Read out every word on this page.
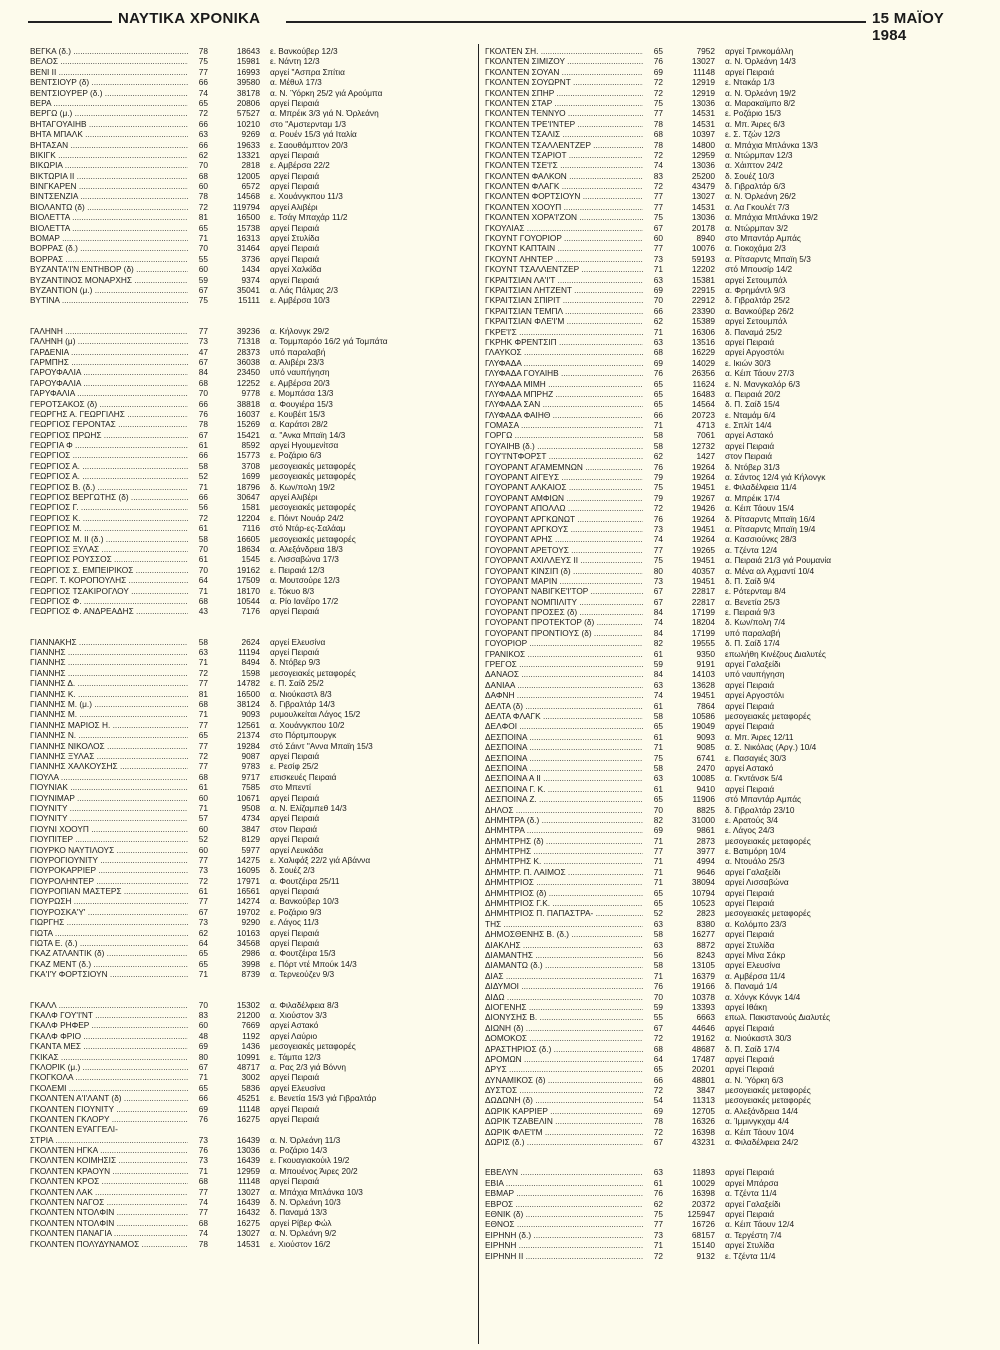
ΝΑΥΤΙΚΑ ΧΡΟΝΙΚΑ	15 ΜΑΪΟΥ 1984
ΒΕΓΚΑ (δ.) .....	78	18643 ε. Βανκούβερ 12/3
ΒΕΛΟΣ .....	75	15981 ε. Νάντη 12/3
ΒΕΝΙ ΙΙ .....	77	16993 αργεί "Ασπρα Σπίτια
ΒΕΝΤΣΙΟΥΡ (δ) .....	66	39580 α. Μέθυλ 17/3
ΒΕΝΤΣΙΟΥΡΕΡ (δ.) .....	74	38178 α. Ν. Ύόρκη 25/2 γιά Αρούμπα
ΒΕΡΑ .....	65	20806 αργεί Πειραιά
ΒΕΡΓΩ (μ.) .....	72	57527 α. Μπρέικ 3/3 γιά Ν. Όρλεάνη
ΒΗΤΑΓΟΥΑΙΗΒ .....	66	10210 στο "Αμστερνταμ 1/3
ΒΗΤΑ ΜΠΑΛΚ .....	63	9269 α. Ρουέν 15/3 γιά Ιταλία
ΒΗΤΑΣΑΝ .....	66	19633 ε. Σαουθάμπτον 20/3
ΒΙΚΙΓΚ .....	62	13321 αργεί Πειραιά
ΒΙΚΩΡΙΑ .....	70	2818 ε. Αμβέρσα 22/2
ΒΙΚΤΩΡΙΑ ΙΙ .....	68	12005 αργεί Πειραιά
ΒΙΝΓΚΑΡΕΝ .....	60	6572 αργεί Πειραιά
ΒΙΝΤΣΕΝΖΙΑ .....	78	14568 ε. Χουάνγκπου 11/3
ΒΙΟΛΑΝΤΩ (δ) .....	72	119794 αργεί Αλιβέρι
ΒΙΟΛΕΤΤΑ .....	81	16500 ε. Τσάγ Μπαχάρ 11/2
ΒΙΟΛΕΤΤΑ .....	65	15738 αργεί Πειραιά
ΒΟΜΑΡ .....	71	16313 αργεί Στυλίδα
ΒΟΡΡΑΣ (δ.) .....	70	31464 αργεί Πειραιά
ΒΟΡΡΑΣ .....	55	3736 αργεί Πειραιά
ΒΥΖΑΝΤΑ'Ι'Ν ΕΝΤΗΒΟΡ (δ) .....	60	1434 αργεί Χαλκίδα
ΒΥΖΑΝΤΙΝΟΣ ΜΟΝΑΡΧΗΣ .....	59	9374 αργεί Πειραιά
ΒΥΖΑΝΤΙΟΝ (μ.) .....	67	35041 α. Λάς Πάλμας 2/3
ΒΥΤΙΝΑ .....	75	15111 ε. Αμβέρσα 10/3
ΓΑΛΗΝΗ .....	77	39236 α. Κήλονγκ 29/2
ΓΑΛΗΝΗ (μ) .....	73	71318 α. Τομμπαρόο 16/2 γιά Τομπάτα
ΓΑΡΔΕΝΙΑ .....	47	28373 υπό παραλαβή
ΓΑΡΜΠΗΣ .....	67	36038 α. Αλιβέρι 23/3
ΓΑΡΟΥΦΑΛΙΑ .....	84	23450 υπό ναυπήγηση
ΓΑΡΟΥΦΑΛΙΑ .....	68	12252 ε. Αμβέρσα 20/3
ΓΑΡΥΦΑΛΙΑ .....	70	9778 ε. Μομπάσα 13/3
ΓΕΡΟΤΣΑΚΟΣ (δ) .....	66	38818 α. Φουγιέρα 15/3
ΓΕΩΡΓΗΣ Α. ΓΕΩΡΓΙΛΗΣ .....	76	16037 ε. Κουβέιτ 15/3
ΓΕΩΡΓΙΟΣ ΓΕΡΟΝΤΑΣ .....	78	15269 α. Καράτσι 28/2
ΓΕΩΡΓΙΟΣ ΠΡΩΗΣ .....	67	15421 α. "Ανκα Μπαϊη 14/3
ΓΕΩΡΓΙΑ Φ .....	61	8592 αργεί Ηγουμενίτσα
ΓΕΩΡΓΙΟΣ .....	66	15773 ε. Ροζάριο 6/3
ΓΕΩΡΓΙΟΣ Α. .....	58	3708 μεσογειακές μεταφορές
ΓΕΩΡΓΙΟΣ Α. .....	52	1699 μεσογειακές μεταφορές
ΓΕΩΡΓΙΟΣ Β. (δ.) .....	71	18796 δ. Κων/πολη 19/2
ΓΕΩΡΓΙΟΣ ΒΕΡΓΩΤΗΣ (δ) .....	66	30647 αργεί Αλιβέρι
ΓΕΩΡΓΙΟΣ Γ. .....	56	1581 μεσογειακές μεταφορές
ΓΕΩΡΓΙΟΣ Κ. .....	72	12204 ε. Πόιντ Νουάρ 24/2
ΓΕΩΡΓΙΟΣ Μ. .....	61	7116 στό Ντάρ-ες-Σαλάαμ
ΓΕΩΡΓΙΟΣ Μ. ΙΙ (δ.) .....	58	16605 μεσογειακές μεταφορές
ΓΕΩΡΓΙΟΣ ΞΥΛΑΣ .....	70	18634 α. Αλεξάνδρεια 18/3
ΓΕΩΡΓΙΟΣ ΡΟΥΣΣΟΣ .....	61	1545 ε. Λισσαβώνα 17/3
ΓΕΩΡΓΙΟΣ Σ. ΕΜΠΕΙΡΙΚΟΣ .....	70	19162 ε. Πειραιά 12/3
ΓΕΩΡΓ. Τ. ΚΟΡΟΠΟΥΛΗΣ .....	64	17509 α. Μουτσούρε 12/3
ΓΕΩΡΓΙΟΣ ΤΣΑΚΙΡΟΓΛΟΥ .....	71	18170 ε. Τόκυο 8/3
ΓΕΩΡΓΙΟΣ Φ. .....	68	10544 α. Ρίο Ιανέϊρο 17/2
ΓΕΩΡΓΙΟΣ Φ. ΑΝΔΡΕΑΔΗΣ .....	43	7176 αργεί Πειραιά
ΓΙΑΝΝΑΚΗΣ .....	58	2624 αργεί Ελευσίνα
ΓΙΑΝΝΗΣ .....	63	11194 αργεί Πειραιά
ΓΙΑΝΝΗΣ .....	71	8494 δ. Ντόβερ 9/3
ΓΙΑΝΝΗΣ .....	72	1598 μεσογειακές μεταφορές
ΓΙΑΝΝΗΣ Δ. .....	77	14782 ε. Π. Σαίδ 25/2
ΓΙΑΝΝΗΣ Κ. .....	81	16500 α. Νιούκαστλ 8/3
ΓΙΑΝΝΗΣ Μ. (μ.) .....	68	38124 δ. Γιβραλτάρ 14/3
ΓΙΑΝΝΗΣ Μ. .....	71	9093 ρυμουλκείται Λάγος 15/2
ΓΙΑΝΝΗΣ ΜΑΡΙΟΣ Η. .....	77	12561 α. Χουάνγκπου 10/2
ΓΙΑΝΝΗΣ Ν. .....	65	21374 στο Πόρτμπουργκ
ΓΙΑΝΝΗΣ ΝΙΚΟΛΟΣ .....	77	19284 στό Σάιντ "Αννα Μπαϊη 15/3
ΓΙΑΝΝΗΣ ΞΥΛΑΣ .....	72	9087 αργεί Πειραιά
ΓΙΑΝΝΗΣ ΧΑΛΚΟΥΣΗΣ .....	77	9783 ε. Ρεσίφ 25/2
ΓΙΟΥΛΑ .....	68	9717 επισκευές Πειραιά
ΓΙΟΥΝΙΑΚ .....	61	7585 στο Μπεντί
ΓΙΟΥΝΙΜΑΡ .....	60	10671 αργεί Πειραιά
ΓΙΟΥΝΙΤΥ .....	71	9508 α. Ν. Ελίζαμπεθ 14/3
ΓΙΟΥΝΙΤΥ .....	57	4734 αργεί Πειραιά
ΓΙΟΥΝΙ ΧΟΟΥΠ .....	60	3847 στον Πειραιά
ΓΙΟΥΠΙΤΕΡ .....	52	8129 αργεί Πειραιά
ΓΙΟΥΡΚΟ ΝΑΥΤΙΛΟΥΣ .....	60	5977 αργεί Λευκάδα
ΓΙΟΥΡΟΓΙΟΥΝΙΤΥ .....	77	14275 ε. Χαλιφάξ 22/2 γιά Αβάννα
ΓΙΟΥΡΟΚΑΡΡΙΕΡ .....	73	16095 δ. Σουέζ 2/3
ΓΙΟΥΡΟΛΗΝΤΕΡ .....	72	17971 α. Φουτζέιρα 25/11
ΓΙΟΥΡΟΠΙΑΝ ΜΑΣΤΕΡΣ .....	61	16561 αργεί Πειραιά
ΓΙΟΥΡΩΣΗ .....	77	14274 α. Βανκούβερ 10/3
ΓΙΟΥΡΟΣΚΑ'Υ' .....	67	19702 ε. Ροζάριο 9/3
ΓΙΩΡΓΗΣ .....	73	9290 ε. Λάγος 11/3
ΓΙΩΤΑ .....	62	10163 αργεί Πειραιά
ΓΙΩΤΑ Ε. (δ.) .....	64	34568 αργεί Πειραιά
ΓΚΑΖ ΑΤΛΑΝΤΙΚ (δ) .....	65	2986 α. Φουτζέιρα 15/3
ΓΚΑΖ ΜΕΝΤ (δ.) .....	65	3998 ε. Πόρτ ντέ Μπούκ 14/3
ΓΚΑ'Ι'Υ ΦΟΡΤΣΙΟΥΝ .....	71	8739 α. Τερνεούζεν 9/3
ΓΚΑΛΛ .....	70	15302 α. Φιλαδέλφεια 8/3
ΓΚΑΛΦ ΓΟΥ'Ι'ΝΤ .....	83	21200 α. Χιούστον 3/3
ΓΚΑΛΦ ΡΗΦΕΡ .....	60	7669 αργεί Αστακό
ΓΚΑΛΦ ΦΡΙΟ .....	48	1192 αργεί Λαύριο
ΓΚΑΝΤΑ ΜΕΣ .....	69	1436 μεσογειακές μεταφορές
ΓΚΙΚΑΣ .....	80	10991 ε. Τάμπα 12/3
ΓΚΛΟΡΙΚ (μ.) .....	67	48717 α. Ρας 2/3 γιά Βόννη
ΓΚΟΓΚΟΛΑ .....	71	3002 αργεί Πειραιά
ΓΚΟΛΕΜΙ .....	65	5836 αργεί Ελευσίνα
ΓΚΟΛΝΤΕΝ Α'Ι'ΛΑΝΤ (δ) .....	66	45251 ε. Βενετία 15/3 γιά Γιβραλτάρ
ΓΚΟΛΝΤΕΝ ΓΙΟΥΝΙΤΥ .....	69	11148 αργεί Πειραιά
ΓΚΟΛΝΤΕΝ ΓΚΛΟΡΥ .....	76	16275 αργεί Πειραιά
ΓΚΟΛΝΤΕΝ ΕΥΑΓΓΕΛΙ-
ΣΤΡΙΑ .....	73	16439 α. Ν. Όρλεάνη 11/3
ΓΚΟΛΝΤΕΝ ΗΓΚΑ .....	76	13036 α. Ροζάριο 14/3
ΓΚΟΛΝΤΕΝ ΚΟΙΜΗΣΙΣ .....	73	16439 ε. Γκουαγιακούιλ 19/2
ΓΚΟΛΝΤΕΝ ΚΡΑΟΥΝ .....	71	12959 α. Μπουένος Άιρες 20/2
ΓΚΟΛΝΤΕΝ ΚΡΟΣ .....	68	11148 αργεί Πειραιά
ΓΚΟΛΝΤΕΝ ΛΑΚ .....	77	13027 α. Μπάχια Μπλάνκα 10/3
ΓΚΟΛΝΤΕΝ ΝΑΓΟΣ .....	74	16439 δ. Ν. Όρλεάνη 10/3
ΓΚΟΛΝΤΕΝ ΝΤΟΛΦΙΝ .....	77	16432 δ. Παναμά 13/3
ΓΚΟΛΝΤΕΝ ΝΤΟΛΦΙΝ .....	68	16275 αργεί Ρίβερ Φώλ
ΓΚΟΛΝΤΕΝ ΠΑΝΑΓΙΑ .....	74	13027 α. Ν. Όρλεάνη 9/2
ΓΚΟΛΝΤΕΝ ΠΟΛΥΔΥΝΑΜΟΣ .....	78	14531 ε. Χιούστον 16/2
ΓΚΟΛΤΕΝ ΣΗ. .....	65	7952 αργεί Τρινκομάλλη
ΓΚΟΛΝΤΕΝ ΣΙΜΙΖΟΥ .....	76	13027 α. Ν. Όρλεάνη 14/3
ΓΚΟΛΝΤΕΝ ΣΟΥΑΝ .....	69	11148 αργεί Πειραιά
ΓΚΟΛΝΤΕΝ ΣΟΥΩΡΝΤ .....	72	12919 ε. Ντακάρ 1/3
ΓΚΟΛΝΤΕΝ ΣΠΗΡ .....	72	12919 α. Ν. Όρλεάνη 19/2
ΓΚΟΛΝΤΕΝ ΣΤΑΡ .....	75	13036 α. Μαρακαϊμπο 8/2
ΓΚΟΛΝΤΕΝ ΤΕΝΝΥΟ .....	77	14531 ε. Ροζάριο 15/3
ΓΚΟΛΝΤΕΝ ΤΡΕ'Ι'ΝΤΕΡ .....	78	14531 α. Μπ. Άιρες 6/3
ΓΚΟΛΝΤΕΝ ΤΣΑΛΙΣ .....	68	10397 ε. Σ. Τζών 12/3
ΓΚΟΛΝΤΕΝ ΤΣΑΛΛΕΝΤΖΕΡ .....	78	14800 α. Μπάχια Μπλάνκα 13/3
ΓΚΟΛΝΤΕΝ ΤΣΑΡΙΟΤ .....	72	12959 α. Ντώρμπαν 12/3
ΓΚΟΛΝΤΕΝ ΤΣΕ'Ι'Σ .....	74	13036 α. Χάιπτον 24/2
ΓΚΟΛΝΤΕΝ ΦΑΛΚΟΝ .....	83	25200 δ. Σουέζ 10/3
ΓΚΟΛΝΤΕΝ ΦΛΑΓΚ .....	72	43479 δ. Γιβραλτάρ 6/3
ΓΚΟΛΝΤΕΝ ΦΟΡΤΣΙΟΥΝ .....	77	13027 α. Ν. Όρλεάνη 26/2
ΓΚΟΛΝΤΕΝ ΧΟΟΥΠ .....	77	14531 α. Λα Γκουλέτ 7/3
ΓΚΟΛΝΤΕΝ ΧΟΡΑ'Ι'ΖΟΝ .....	75	13036 α. Μπάχια Μπλάνκα 19/2
ΓΚΟΥΛΙΑΣ .....	67	20178 α. Ντώρμπαν 3/2
ΓΚΟΥΝΤ ΓΟΥΟΡΙΟΡ .....	60	8940 στο Μπαντάρ Αμπάς
ΓΚΟΥΝΤ ΚΑΠΤΑΙΝ .....	77	10076 α. Γιοκοχάμα 2/3
ΓΚΟΥΝΤ ΛΗΝΤΕΡ .....	73	59193 α. Ρίτσαρντς Μπαϊη 5/3
ΓΚΟΥΝΤ ΤΣΑΛΛΕΝΤΖΕΡ .....	71	12202 στό Μπουσίρ 14/2
ΓΚΡΑΙΤΣΙΑΝ ΛΑ'Ι'Τ .....	63	15381 αργεί Σετουμπάλ
ΓΚΡΑΙΤΣΙΑΝ ΛΗΤΖΕΝΤ .....	69	22915 α. Φρημάντλ 9/3
ΓΚΡΑΙΤΣΙΑΝ ΣΠΙΡΙΤ .....	70	22912 δ. Γιβραλτάρ 25/2
ΓΚΡΑΙΤΣΙΑΝ ΤΕΜΠΛ .....	66	23390 α. Βανκούβερ 26/2
ΓΚΡΑΙΤΣΙΑΝ ΦΛΕ'Ι'Μ .....	62	15389 αργεί Σετουμπάλ
ΓΚΡΕ'Ι'Σ .....	71	16306 δ. Παναμά 25/2
ΓΚΡΗΚ ΦΡΕΝΤΣΙΠ .....	63	13516 αργεί Πειραιά
ΓΛΑΥΚΟΣ .....	68	16229 αργεί Αργοστόλι
ΓΛΥΦΑΔΑ .....	69	14029 ε. Ικιών 30/3
ΓΛΥΦΑΔΑ ΓΟΥΑΙΗΒ .....	76	26356 α. Κέιπ Τάουν 27/3
ΓΛΥΦΑΔΑ ΜΙΜΗ .....	65	11624 ε. Ν. Μανγκαλόρ 6/3
ΓΛΥΦΑΔΑ ΜΠΡΗΖ .....	65	16483 α. Πειραιά 20/2
ΓΛΥΦΑΔΑ ΣΑΝ .....	65	14564 δ. Π. Σαίδ 15/4
ΓΛΥΦΑΔΑ ΦΑΙΗΘ .....	66	20723 ε. Νταμάμ 6/4
ΓΟΜΑΣΑ .....	71	4713 ε. Σπλίτ 14/4
ΓΟΡΓΩ .....	58	7061 αργεί Αστακό
ΓΟΥΑΙΗΒ (δ.) .....	58	12732 αργεί Πειραιά
ΓΟΥ'Ι'ΝΤΦΟΡΣΤ .....	62	1427 στον Πειραιά
ΓΟΥΟΡΑΝΤ ΑΓΑΜΕΜΝΩΝ .....	76	19264 δ. Ντόβερ 31/3
ΓΟΥΟΡΑΝΤ ΑΙΓΕΥΣ .....	79	19264 α. Σάντος 12/4 γιά Κήλονγκ
ΓΟΥΟΡΑΝΤ ΑΛΚΑΙΟΣ .....	75	19451 ε. Φιλαδέλφεια 11/4
ΓΟΥΟΡΑΝΤ ΑΜΦΙΩΝ .....	79	19267 α. Μπρέικ 17/4
ΓΟΥΟΡΑΝΤ ΑΠΟΛΛΩ .....	72	19426 α. Κέιπ Τάουν 15/4
ΓΟΥΟΡΑΝΤ ΑΡΓΚΩΝΩΤ .....	76	19264 δ. Ρίτσαρντς Μπαϊη 16/4
ΓΟΥΟΡΑΝΤ ΑΡΓΚΟΥΣ .....	73	19451 α. Ρίτσαρντς Μπαϊη 19/4
ΓΟΥΟΡΑΝΤ ΑΡΗΣ .....	74	19264 α. Κασσιούνκς 28/3
ΓΟΥΟΡΑΝΤ ΑΡΕΤΟΥΣ .....	77	19265 α. Τζέντα 12/4
ΓΟΥΟΡΑΝΤ ΑΧΙΛΛΕΥΣ ΙΙ .....	75	19451 α. Πειραιά 21/3 γιά Ρουμανία
ΓΟΥΟΡΑΝΤ ΚΙΝΣΙΠ (δ) .....	80	40357 α. Μένα αλ Αχμαντί 10/4
ΓΟΥΟΡΑΝΤ ΜΑΡΙΝ .....	73	19451 δ. Π. Σαίδ 9/4
ΓΟΥΟΡΑΝΤ ΝΑΒΙΓΚΕ'Ι'ΤΟΡ .....	67	22817 ε. Ρότερνταμ 8/4
ΓΟΥΟΡΑΝΤ ΝΟΜΠΙΛΙΤΥ .....	67	22817 α. Βενετία 25/3
ΓΟΥΟΡΑΝΤ ΠΡΟΣΕΣ (δ) .....	84	17199 ε. Πειραιά 9/3
ΓΟΥΟΡΑΝΤ ΠΡΟΤΕΚΤΟΡ (δ) .....	74	18204 δ. Κων/πολη 7/4
ΓΟΥΟΡΑΝΤ ΠΡΟΝΤΙΟΥΣ (δ) .....	84	17199 υπό παραλαβή
ΓΟΥΟΡΙΟΡ .....	82	19555 δ. Π. Σαίδ 17/4
ΓΡΑΝΙΚΟΣ .....	61	9350 επωλήθη Κινέζους Διαλυτές
ΓΡΕΓΟΣ .....	59	9191 αργεί Γαλαξείδι
ΔΑΝΑΟΣ .....	84	14103 υπό ναυπήγηση
ΔΑΝΙΑΑ .....	63	13628 αργεί Πειραιά
ΔΑΦΝΗ .....	74	19451 αργεί Αργοστόλι
ΔΕΛΤΑ (δ) .....	61	7864 αργεί Πειραιά
ΔΕΛΤΑ ΦΛΑΓΚ .....	58	10586 μεσογειακές μεταφορές
ΔΕΛΦΟΙ .....	65	19049 αργεί Πειραιά
ΔΕΣΠΟΙΝΑ .....	61	9093 α. Μπ. Άιρες 12/11
ΔΕΣΠΟΙΝΑ .....	71	9085 α. Σ. Νικόλας (Αργ.) 10/4
ΔΕΣΠΟΙΝΑ .....	75	6741 ε. Πασαγιές 30/3
ΔΕΣΠΟΙΝΑ .....	58	2470 αργεί Αστακό
ΔΕΣΠΟΙΝΑ Α ΙΙ .....	63	10085 α. Γκντάνσκ 5/4
ΔΕΣΠΟΙΝΑ Γ. Κ. .....	61	9410 αργεί Πειραιά
ΔΕΣΠΟΙΝΑ Ζ. .....	65	11906 στό Μπαντάρ Αμπάς
ΔΗΛΟΣ .....	70	8825 δ. Γιβραλτάρ 23/10
ΔΗΜΗΤΡΑ (δ.) .....	82	31000 ε. Αρατούς 3/4
ΔΗΜΗΤΡΑ .....	69	9861 ε. Λάγος 24/3
ΔΗΜΗΤΡΗΣ (δ) .....	71	2873 μεσογειακές μεταφορές
ΔΗΜΗΤΡΗΣ .....	77	3977 ε. Βατιμόρη 10/4
ΔΗΜΗΤΡΗΣ Κ. .....	71	4994 α. Ντουάλο 25/3
ΔΗΜΗΤΡ. Π. ΛΑΙΜΟΣ .....	71	9646 αργεί Γαλαξείδι
ΔΗΜΗΤΡΙΟΣ .....	71	38094 αργεί Λισσαβώνα
ΔΗΜΗΤΡΙΟΣ (δ) .....	65	10794 αργεί Πειραιά
ΔΗΜΗΤΡΙΟΣ Γ.Κ. .....	65	10523 αργεί Πειραιά
ΔΗΜΗΤΡΙΟΣ Π. ΠΑΠΑΣΤΡΑ- .....	52	2823 μεσογειακές μεταφορές
ΤΗΣ .....	63	8380 α. Κολόμπο 23/3
ΔΗΜΟΣΘΕΝΗΣ Β. (δ.) .....	58	16277 αργεί Πειραιά
ΔΙΑΚΛΗΣ .....	63	8872 αργεί Στυλίδα
ΔΙΑΜΑΝΤΗΣ .....	56	8243 αργεί Μίνα Σάκρ
ΔΙΑΜΑΝΤΩ (δ.) .....	58	13105 αργεί Ελευσίνα
ΔΙΑΣ .....	71	16379 α. Αμβέρσα 11/4
ΔΙΔΥΜΟΙ .....	76	19166 δ. Παναμά 1/4
ΔΙΔΩ .....	70	10378 α. Χόνγκ Κόνγκ 14/4
ΔΙΟΓΕΝΗΣ .....	59	13393 αργεί Ιθάκη
ΔΙΟΝΥΣΗΣ Β. .....	55	6663 επωλ. Πακιστανούς Διαλυτές
ΔΙΩΝΗ (δ) .....	67	44646 αργεί Πειραιά
ΔΟΜΟΚΟΣ .....	72	19162 α. Νιούκαστλ 30/3
ΔΡΑΣΤΗΡΙΟΣ (δ.) .....	68	48687 δ. Π. Σαίδ 17/4
ΔΡΟΜΩΝ .....	64	17487 αργεί Πειραιά
ΔΡΥΣ .....	65	20201 αργεί Πειραιά
ΔΥΝΑΜΙΚΟΣ (δ) .....	66	48801 α. Ν. Ύόρκη 6/3
ΔΥΣΤΟΣ .....	72	3847 μεσογειακές μεταφορές
ΔΩΔΩΝΗ (δ) .....	54	11313 μεσογειακές μεταφορές
ΔΩΡΙΚ ΚΑΡΡΙΕΡ .....	69	12705 α. Αλεξάνδρεια 14/4
ΔΩΡΙΚ ΤΖΑΒΕΛΙΝ .....	78	16326 α. Ίμμινγκχαμ 4/4
ΔΩΡΙΚ ΦΛΕ'Ι'Μ .....	72	16398 α. Κέιπ Τάουν 10/4
ΔΩΡΙΣ (δ.) .....	67	43231 α. Φιλαδέλφεια 24/2
ΕΒΕΛΥΝ .....	63	11893 αργεί Πειραιά
ΕΒΙΑ .....	61	10029 αργεί Μπάρσα
ΕΒΜΑΡ .....	76	16398 α. Τζέντα 11/4
ΕΒΡΟΣ .....	62	20372 αργεί Γαλαξείδι
ΕΘΝΙΚ (δ) .....	75	125947 αργεί Πειραιά
ΕΘΝΟΣ .....	77	16726 α. Κέιπ Τάουν 12/4
ΕΙΡΗΝΗ (δ.) .....	73	68157 α. Τεργέστη 7/4
ΕΙΡΗΝΗ .....	71	15140 αργεί Στυλίδα
ΕΙΡΗΝΗ ΙΙ .....	72	9132 ε. Τζέντα 11/4
